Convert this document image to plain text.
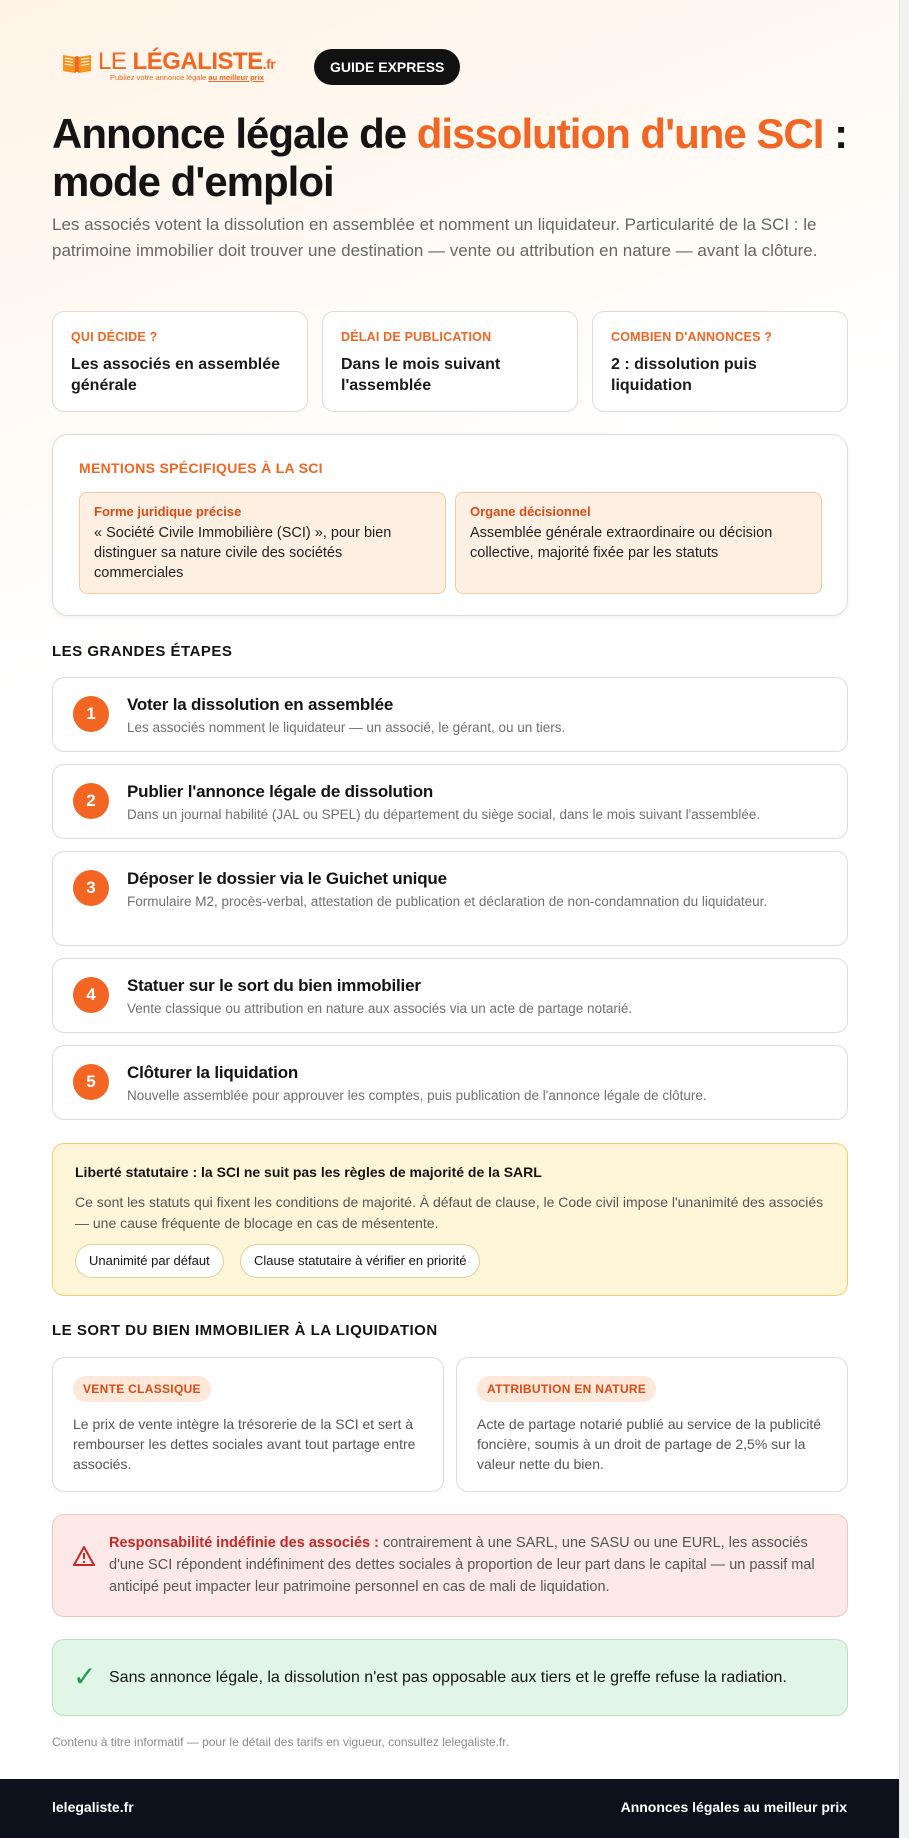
LE LÉGALISTE.fr
Publiez votre annonce légale au meilleur prix
GUIDE EXPRESS
Annonce légale de dissolution d'une SCI : mode d'emploi

Les associés votent la dissolution en assemblée et nomment un liquidateur. Particularité de la SCI : le patrimoine immobilier doit trouver une destination — vente ou attribution en nature — avant la clôture.

QUI DÉCIDE ?
Les associés en assemblée générale
DÉLAI DE PUBLICATION
Dans le mois suivant l'assemblée
COMBIEN D'ANNONCES ?
2 : dissolution puis liquidation
MENTIONS SPÉCIFIQUES À LA SCI
Forme juridique précise
« Société Civile Immobilière (SCI) », pour bien distinguer sa nature civile des sociétés commerciales
Organe décisionnel
Assemblée générale extraordinaire ou décision collective, majorité fixée par les statuts
LES GRANDES ÉTAPES
1	Voter la dissolution en assemblée
Les associés nomment le liquidateur — un associé, le gérant, ou un tiers.
2	Publier l'annonce légale de dissolution
Dans un journal habilité (JAL ou SPEL) du département du siège social, dans le mois suivant l'assemblée.
3	Déposer le dossier via le Guichet unique
Formulaire M2, procès-verbal, attestation de publication et déclaration de non-condamnation du liquidateur.
4	Statuer sur le sort du bien immobilier
Vente classique ou attribution en nature aux associés via un acte de partage notarié.
5	Clôturer la liquidation
Nouvelle assemblée pour approuver les comptes, puis publication de l'annonce légale de clôture.
Liberté statutaire : la SCI ne suit pas les règles de majorité de la SARL
Ce sont les statuts qui fixent les conditions de majorité. À défaut de clause, le Code civil impose l'unanimité des associés — une cause fréquente de blocage en cas de mésentente.
Unanimité par défaut	Clause statutaire à vérifier en priorité
LE SORT DU BIEN IMMOBILIER À LA LIQUIDATION
VENTE CLASSIQUE
Le prix de vente intègre la trésorerie de la SCI et sert à rembourser les dettes sociales avant tout partage entre associés.
ATTRIBUTION EN NATURE
Acte de partage notarié publié au service de la publicité foncière, soumis à un droit de partage de 2,5% sur la valeur nette du bien.
Responsabilité indéfinie des associés : contrairement à une SARL, une SASU ou une EURL, les associés d'une SCI répondent indéfiniment des dettes sociales à proportion de leur part dans le capital — un passif mal anticipé peut impacter leur patrimoine personnel en cas de mali de liquidation.
✓ Sans annonce légale, la dissolution n'est pas opposable aux tiers et le greffe refuse la radiation.
Contenu à titre informatif — pour le détail des tarifs en vigueur, consultez lelegaliste.fr.
lelegaliste.fr	Annonces légales au meilleur prix
